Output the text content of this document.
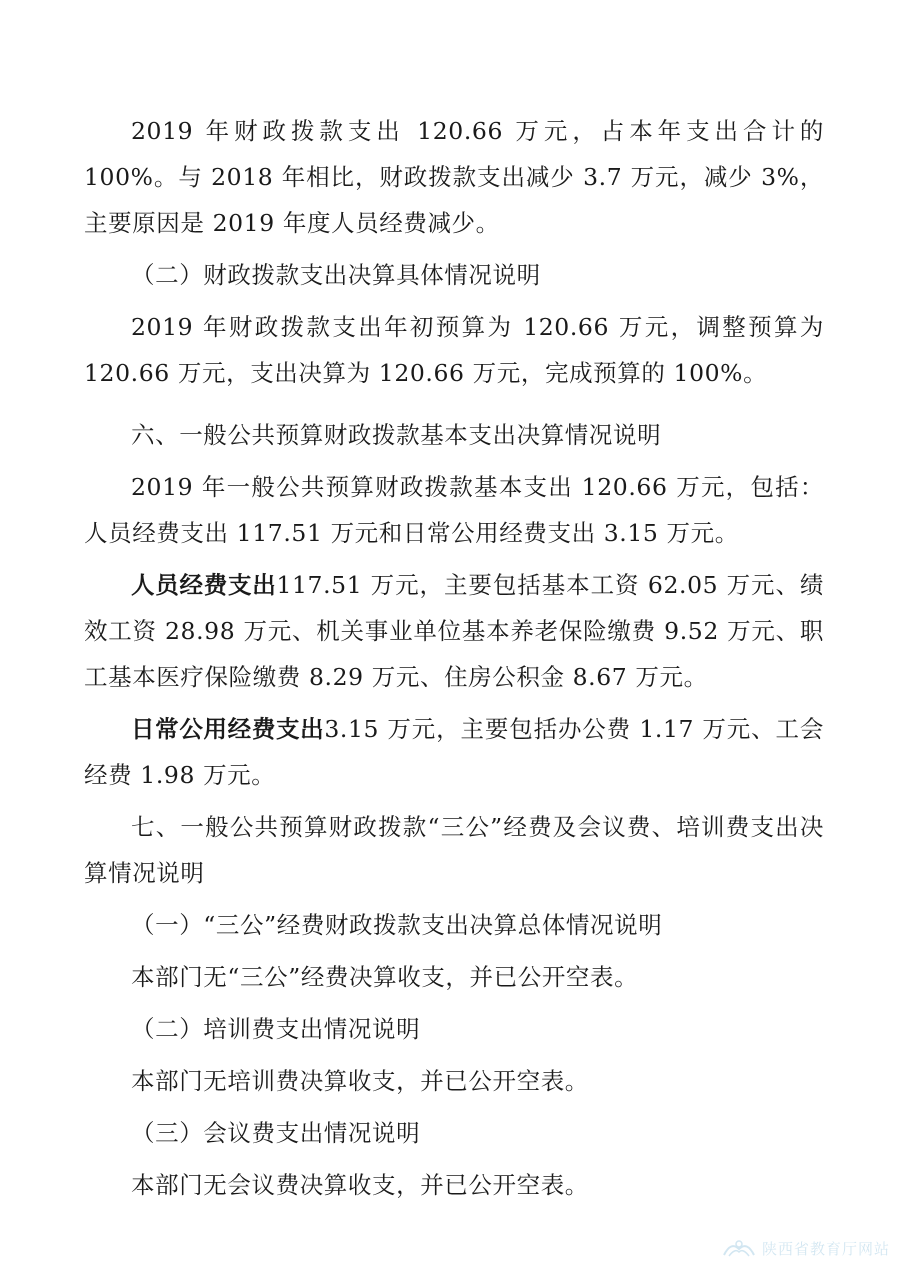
2019 年财政拨款支出 120.66 万元，占本年支出合计的 100%。与 2018 年相比，财政拨款支出减少 3.7 万元，减少 3%，主要原因是 2019 年度人员经费减少。

（二）财政拨款支出决算具体情况说明

2019 年财政拨款支出年初预算为 120.66 万元，调整预算为 120.66 万元，支出决算为 120.66 万元，完成预算的 100%。

六、一般公共预算财政拨款基本支出决算情况说明

2019 年一般公共预算财政拨款基本支出 120.66 万元，包括：人员经费支出 117.51 万元和日常公用经费支出 3.15 万元。

人员经费支出117.51 万元，主要包括基本工资 62.05 万元、绩效工资 28.98 万元、机关事业单位基本养老保险缴费 9.52 万元、职工基本医疗保险缴费 8.29 万元、住房公积金 8.67 万元。

日常公用经费支出3.15 万元，主要包括办公费 1.17 万元、工会经费 1.98 万元。

七、一般公共预算财政拨款“三公”经费及会议费、培训费支出决算情况说明

（一）“三公”经费财政拨款支出决算总体情况说明

本部门无“三公”经费决算收支，并已公开空表。

（二）培训费支出情况说明

本部门无培训费决算收支，并已公开空表。

（三）会议费支出情况说明

本部门无会议费决算收支，并已公开空表。

陕西省教育厅网站
